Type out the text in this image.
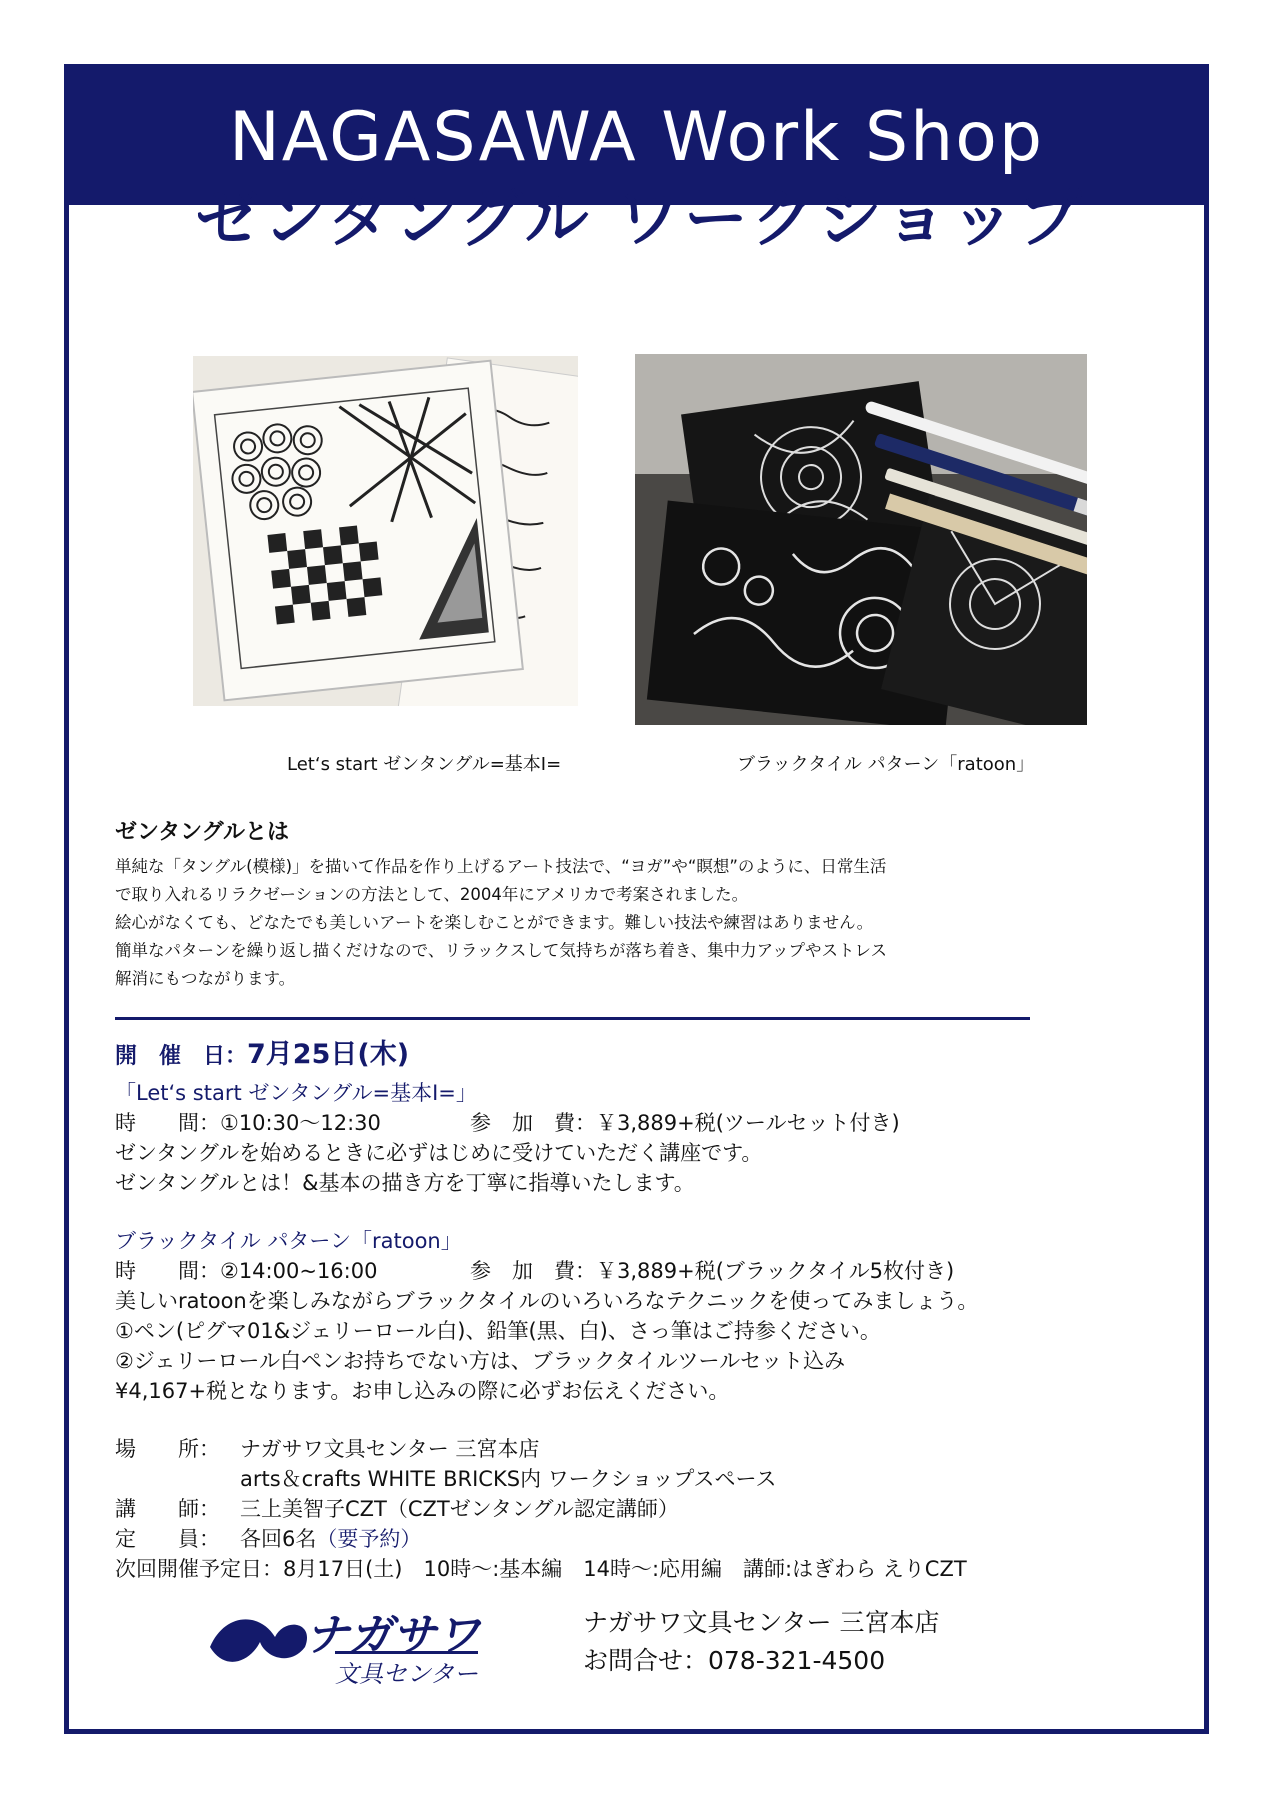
NAGASAWA Work Shop
ゼンタングル ワークショップ
Let‘s start ゼンタングル=基本Ⅰ=	ブラックタイル パターン「ratoon」
ゼンタングルとは
単純な「タングル(模様)」を描いて作品を作り上げるアート技法で、“ヨガ”や“瞑想”のように、日常生活
で取り入れるリラクゼーションの方法として、2004年にアメリカで考案されました。
絵心がなくても、どなたでも美しいアートを楽しむことができます。難しい技法や練習はありません。
簡単なパターンを繰り返し描くだけなので、リラックスして気持ちが落ち着き、集中力アップやストレス
解消にもつながります。
開　催　日：7月25日(木)
「Let‘s start ゼンタングル=基本Ⅰ=」
時　　間：①10:30〜12:30	参　加　費：￥3,889+税(ツールセット付き)
ゼンタングルを始めるときに必ずはじめに受けていただく講座です。
ゼンタングルとは！&基本の描き方を丁寧に指導いたします。
ブラックタイル パターン「ratoon」
時　　間：②14:00~16:00	参　加　費：￥3,889+税(ブラックタイル5枚付き)
美しいratoonを楽しみながらブラックタイルのいろいろなテクニックを使ってみましょう。
①ペン(ピグマ01&ジェリーロール白)、鉛筆(黒、白)、さっ筆はご持参ください。
②ジェリーロール白ペンお持ちでない方は、ブラックタイルツールセット込み
¥4,167+税となります。お申し込みの際に必ずお伝えください。
場　　所： ナガサワ文具センター 三宮本店
arts＆crafts WHITE BRICKS内 ワークショップスペース
講　　師： 三上美智子CZT（CZTゼンタングル認定講師）
定　　員： 各回6名（要予約）
次回開催予定日：8月17日(土)　10時〜:基本編　14時〜:応用編　講師:はぎわら えりCZT
ナガサワ
文具センター
ナガサワ文具センター 三宮本店
お問合せ：078-321-4500
